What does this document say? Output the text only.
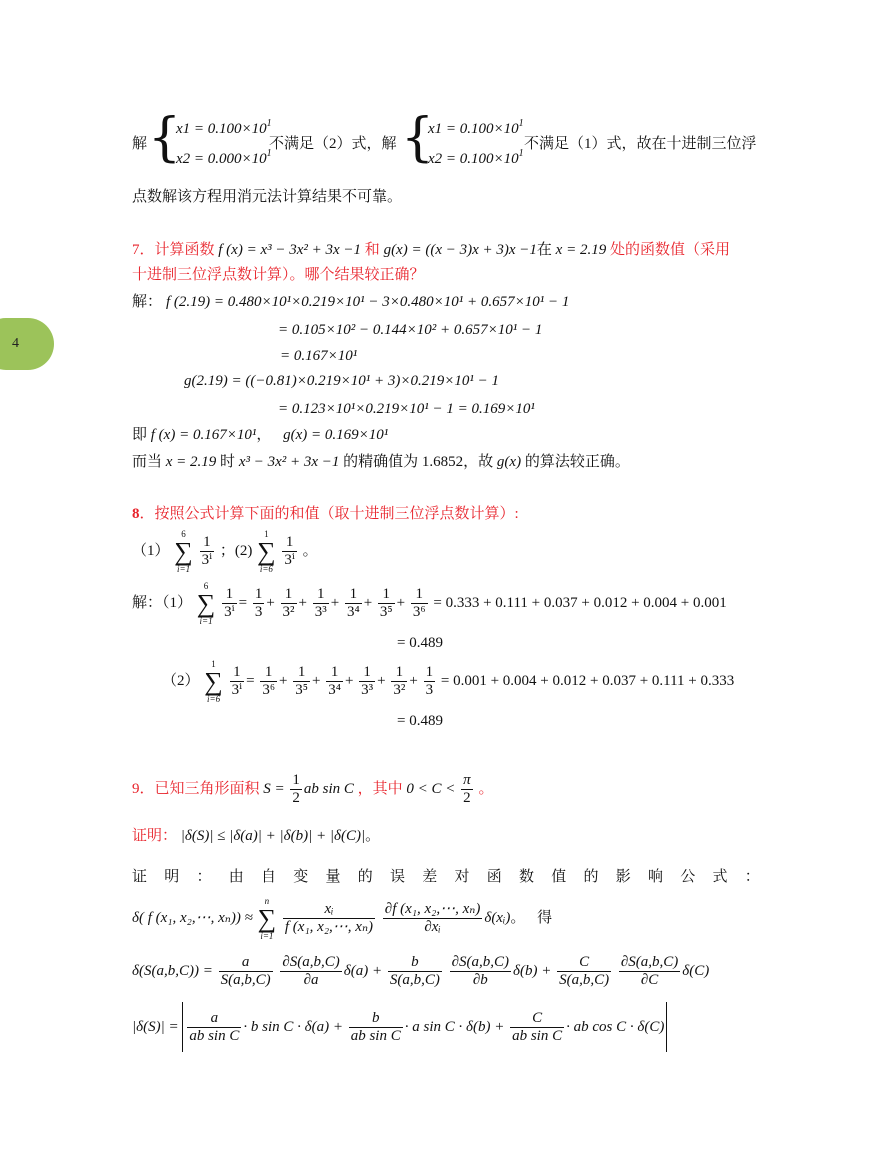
4
解 {
$x1 = 0.100\times 10^1$
$x2 = 0.000\times 10^1$
不满足（2）式，解 {
$x1 = 0.100\times 10^1$
$x2 = 0.100\times 10^1$
不满足（1）式，故在十进制三位浮
点数解该方程用消元法计算结果不可靠。
7．计算函数 f (x) = x³ − 3x² + 3x −1 和 g(x) = ((x − 3)x + 3)x −1在 x = 2.19 处的函数值（采用
十进制三位浮点数计算）。哪个结果较正确？
解： f (2.19) = 0.480×10¹×0.219×10¹ − 3×0.480×10¹ + 0.657×10¹ − 1
= 0.105×10² − 0.144×10² + 0.657×10¹ − 1
= 0.167×10¹
g(2.19) = ((−0.81)×0.219×10¹ + 3)×0.219×10¹ − 1
= 0.123×10¹×0.219×10¹ − 1 = 0.169×10¹
即 f (x) = 0.167×10¹， g(x) = 0.169×10¹
而当 x = 2.19 时 x³ − 3x² + 3x −1 的精确值为 1.6852，故 g(x) 的算法较正确。
8．按照公式计算下面的和值（取十进制三位浮点数计算）:
（1）
6
∑
i=1
$\frac{1}{\text{3ⁱ}}$ ；(2)
1
∑
i=6
$\frac{1}{\text{3ⁱ}}$ 。
解：（1）
6
∑
i=1
$\frac{1}{\text{3ⁱ}} = \frac{1}{3} + \frac{1}{\text{3²}} + \frac{1}{\text{3³}} + \frac{1}{\text{3⁴}} + \frac{1}{\text{3⁵}} + \frac{1}{\text{3⁶}} = 0.333 + 0.111 + 0.037 + 0.012 + 0.004 + 0.001$
= 0.489
（2）
1
∑
i=6
$\frac{1}{\text{3ⁱ}} = \frac{1}{\text{3⁶}} + \frac{1}{\text{3⁵}} + \frac{1}{\text{3⁴}} + \frac{1}{\text{3³}} + \frac{1}{\text{3²}} + \frac{1}{3} = 0.001 + 0.004 + 0.012 + 0.037 + 0.111 + 0.333$
= 0.489
9．已知三角形面积 $S = \frac{1}{2}$ ab sin C ，其中 $0 < C < \frac{\pi}{2}$ 。
证明： |δ(S)| ≤ |δ(a)| + |δ(b)| + |δ(C)|。
证 明 ： 由 自 变 量 的 误 差 对 函 数 值 的 影 响 公 式 ：
δ( f (x₁, x₂,⋯, xₙ)) ≈
n
∑
i=1
$\frac{\text{xᵢ}}{\text{f (x₁, x₂,⋯, xₙ)}}$
$\frac{\text{∂f (x₁, x₂,⋯, xₙ)}}{\text{∂xᵢ}}$ δ(xᵢ)。 得
$\delta(S(a,b,C)) = \frac{a}{S(a,b,C)}$
$\frac{\partial S(a,b,C)}{\partial a} \delta(a) + \frac{b}{S(a,b,C)}$
$\frac{\partial S(a,b,C)}{\partial b} \delta(b) + \frac{C}{S(a,b,C)}$
$\frac{\partial S(a,b,C)}{\partial C} \delta(C)$
$|\delta(S)| = \frac{a}{\text{ab sin C}} \cdot b$ $\sin C \cdot \delta(a) + \frac{b}{\text{ab sin C}} \cdot a$ $\sin C \cdot \delta(b) + \frac{C}{\text{ab sin C}}$ · ab cos C · δ(C)
